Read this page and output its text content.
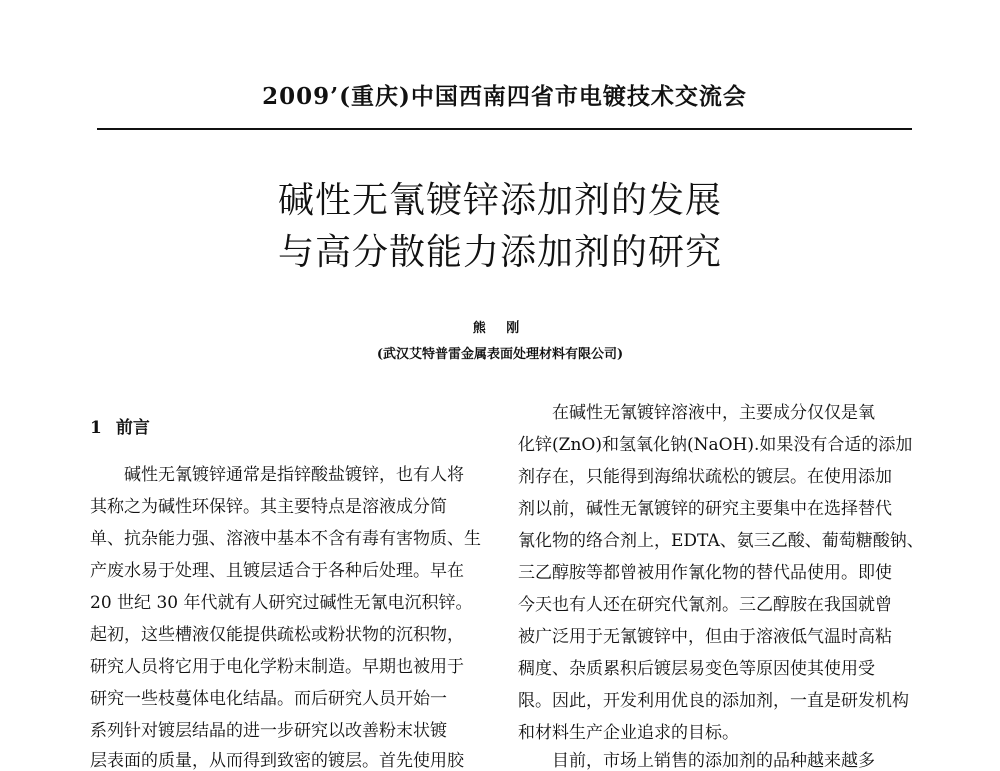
2009’(重庆)中国西南四省市电镀技术交流会
碱性无氰镀锌添加剂的发展
与高分散能力添加剂的研究
熊 刚
(武汉艾特普雷金属表面处理材料有限公司)
1 前言
　　碱性无氰镀锌通常是指锌酸盐镀锌，也有人将
其称之为碱性环保锌。其主要特点是溶液成分简
单、抗杂能力强、溶液中基本不含有毒有害物质、生
产废水易于处理、且镀层适合于各种后处理。早在
20 世纪 30 年代就有人研究过碱性无氰电沉积锌。
起初，这些槽液仅能提供疏松或粉状物的沉积物，
研究人员将它用于电化学粉末制造。早期也被用于
研究一些枝蔓体电化结晶。而后研究人员开始一
系列针对镀层结晶的进一步研究以改善粉末状镀
层表面的质量，从而得到致密的镀层。首先使用胶
　　在碱性无氰镀锌溶液中，主要成分仅仅是氧
化锌(ZnO)和氢氧化钠(NaOH).如果没有合适的添加
剂存在，只能得到海绵状疏松的镀层。在使用添加
剂以前，碱性无氰镀锌的研究主要集中在选择替代
氰化物的络合剂上，EDTA、氨三乙酸、葡萄糖酸钠、
三乙醇胺等都曾被用作氰化物的替代品使用。即使
今天也有人还在研究代氰剂。三乙醇胺在我国就曾
被广泛用于无氰镀锌中，但由于溶液低气温时高粘
稠度、杂质累积后镀层易变色等原因使其使用受
限。因此，开发利用优良的添加剂，一直是研发机构
和材料生产企业追求的目标。
　　目前，市场上销售的添加剂的品种越来越多
